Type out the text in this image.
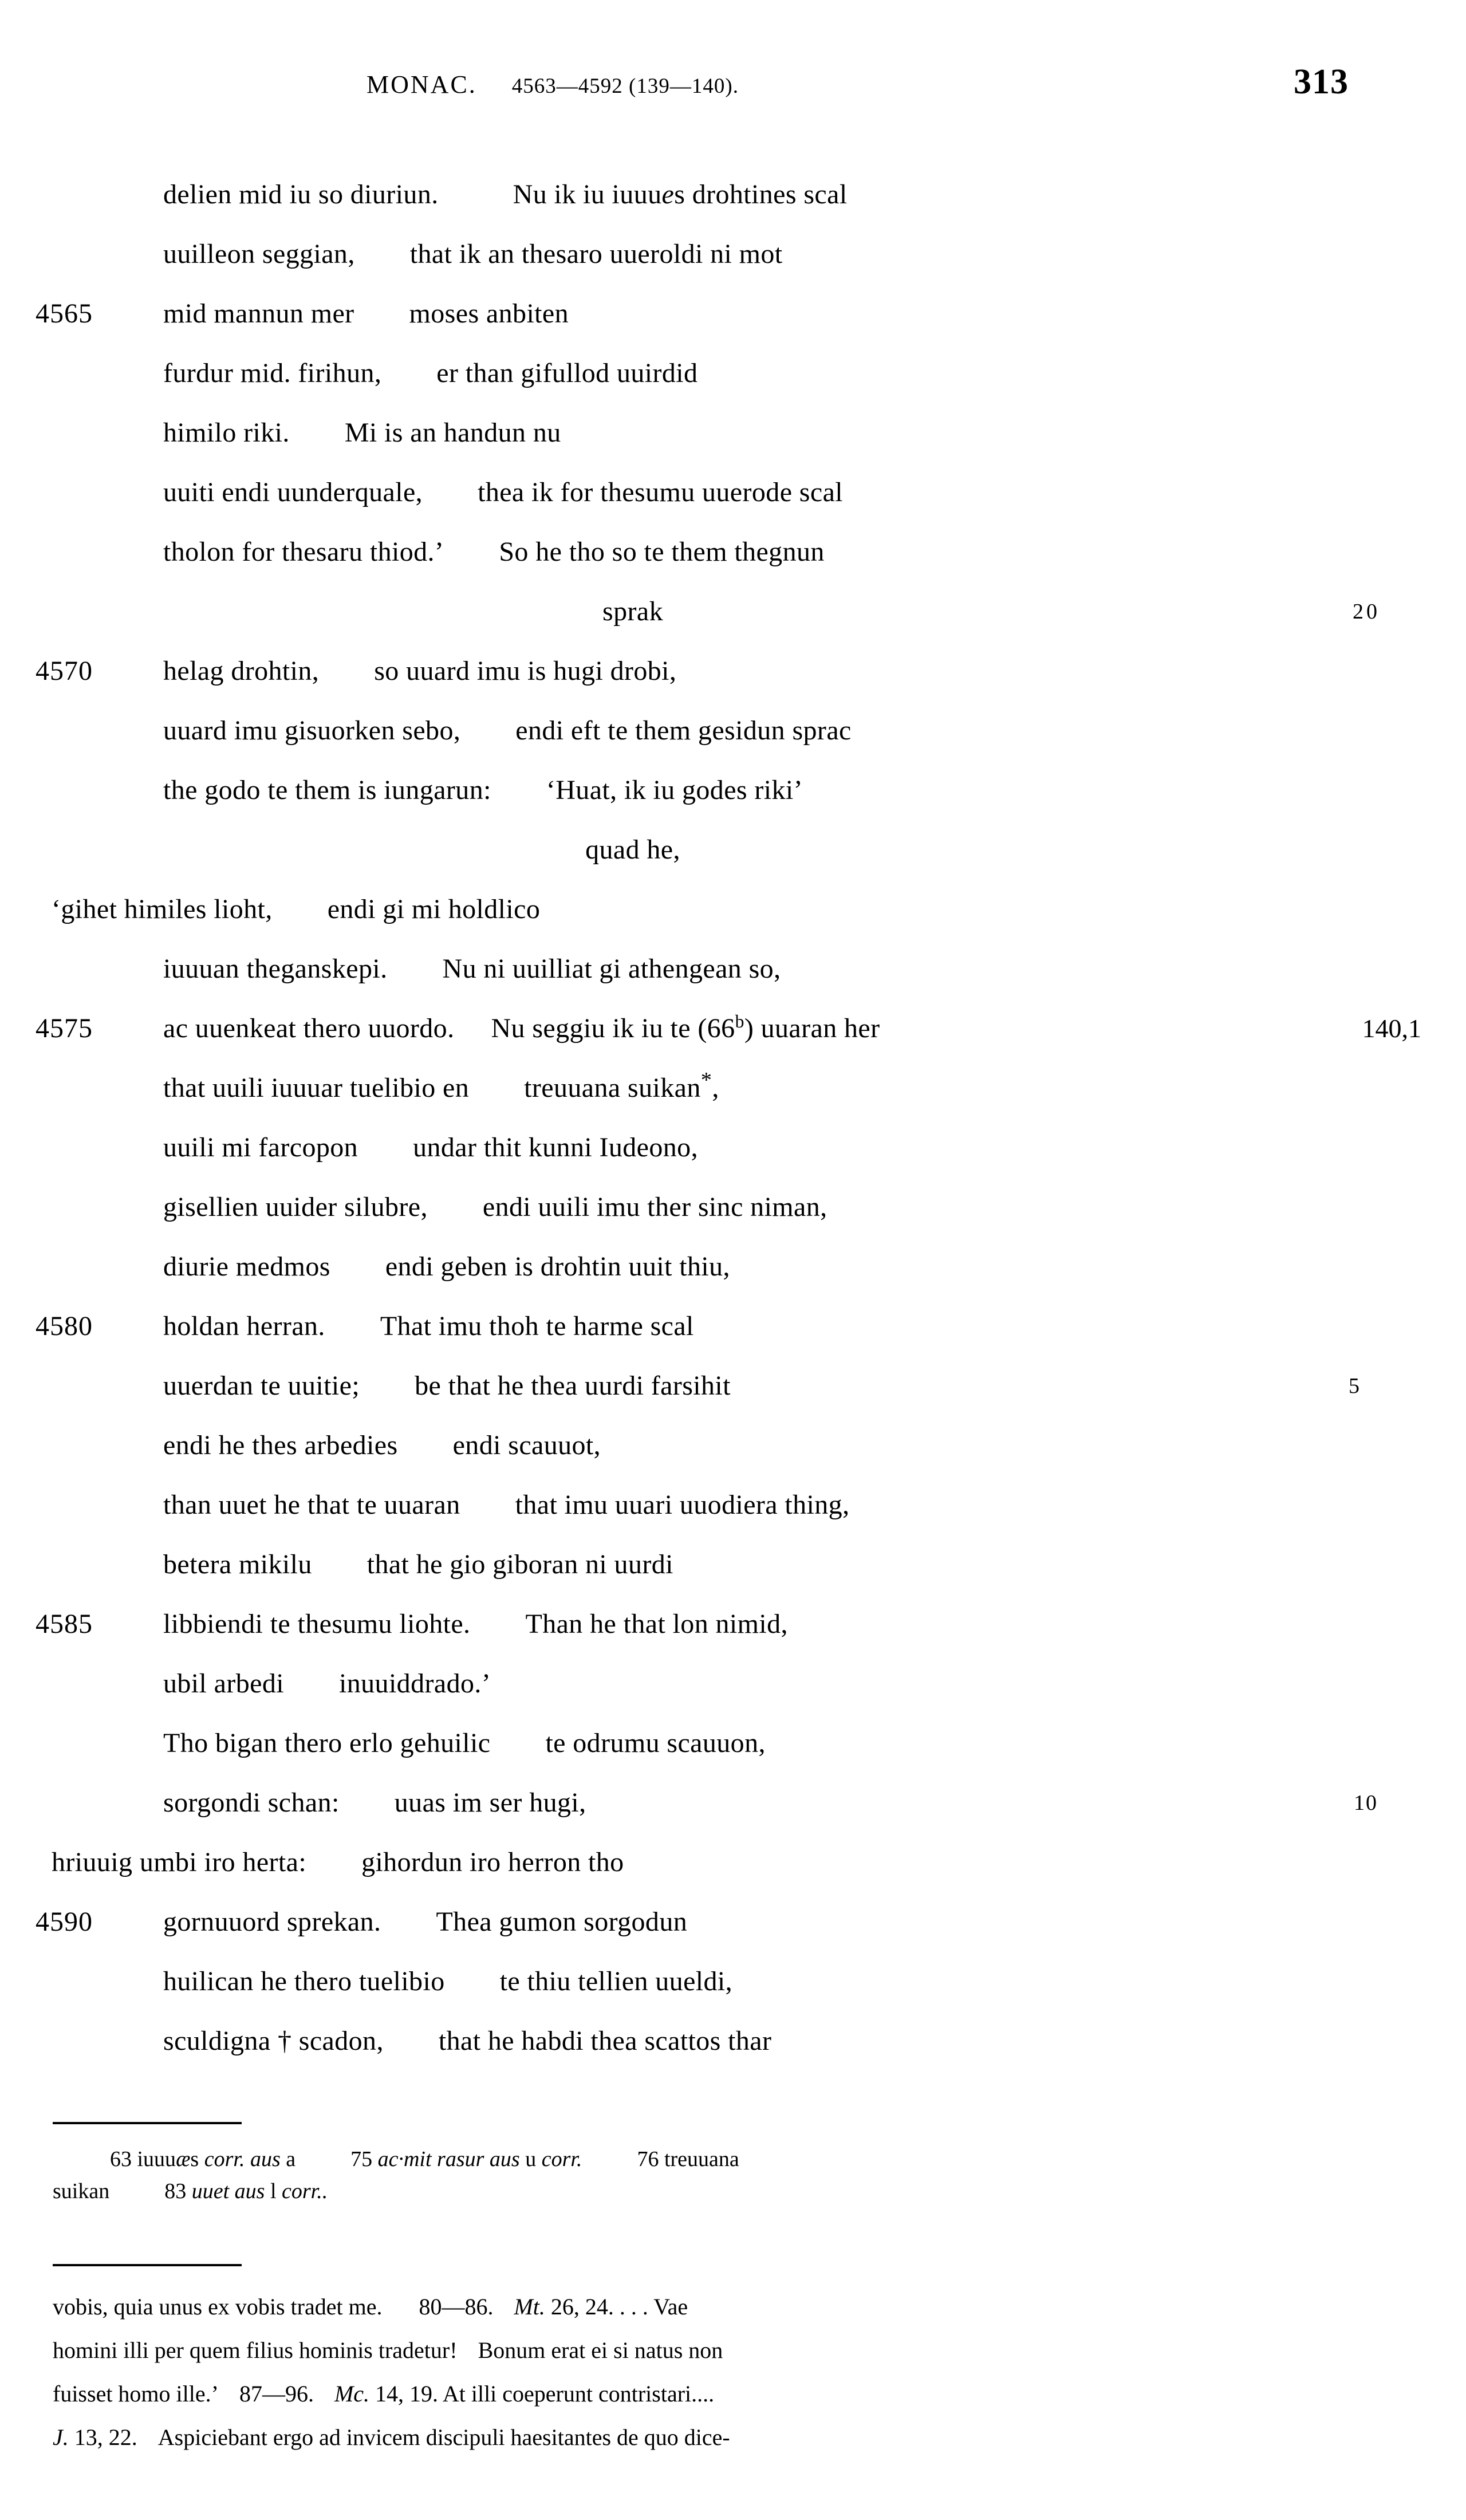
MONAC. 4563—4592 (139—140).	313
delien mid iu so diuriun.	Nu ik iu iuuues drohtines scal
uuilleon seggian, that ik an thesaro uueroldi ni mot
4565	mid mannun mer moses anbiten
furdur mid. firihun, er than gifullod uuirdid
himilo riki. Mi is an handun nu
uuiti endi uunderquale, thea ik for thesumu uuerode scal
tholon for thesaru thiod.’ So he tho so te them thegnun
sprak	20
4570	helag drohtin, so uuard imu is hugi drobi,
uuard imu gisuorken sebo, endi eft te them gesidun sprac
the godo te them is iungarun: ‘Huat, ik iu godes riki’
quad he,
‘gihet himiles lioht, endi gi mi holdlico
iuuuan theganskepi. Nu ni uuilliat gi athengean so,
4575	ac uuenkeat thero uuordo. Nu seggiu ik iu te (66$^b$) uuaran her	140,1
that uuili iuuuar tuelibio en treuuana suikan*,
uuili mi farcopon undar thit kunni Iudeono,
gisellien uuider silubre, endi uuili imu ther sinc niman,
diurie medmos endi geben is drohtin uuit thiu,
4580	holdan herran. That imu thoh te harme scal
uuerdan te uuitie; be that he thea uurdi farsihit	5
endi he thes arbedies endi scauuot,
than uuet he that te uuaran that imu uuari uuodiera thing,
betera mikilu that he gio giboran ni uurdi
4585	libbiendi te thesumu liohte. Than he that lon nimid,
ubil arbedi inuuiddrado.’
Tho bigan thero erlo gehuilic te odrumu scauuon,
sorgondi schan: uuas im ser hugi,	10
hriuuig umbi iro herta: gihordun iro herron tho
4590	gornuuord sprekan. Thea gumon sorgodun
huilican he thero tuelibio te thiu tellien uueldi,
sculdigna † scadon, that he habdi thea scattos thar
63 iuuuæs corr. aus a	75 ac·mit rasur aus u corr.	76 treuuana
suikan	83 uuet aus l corr..
vobis, quia unus ex vobis tradet me. 80—86. Mt. 26, 24. . . . Vae
homini illi per quem filius hominis tradetur! Bonum erat ei si natus non
fuisset homo ille.’ 87—96. Mc. 14, 19. At illi coeperunt contristari....
J. 13, 22. Aspiciebant ergo ad invicem discipuli haesitantes de quo dice-
